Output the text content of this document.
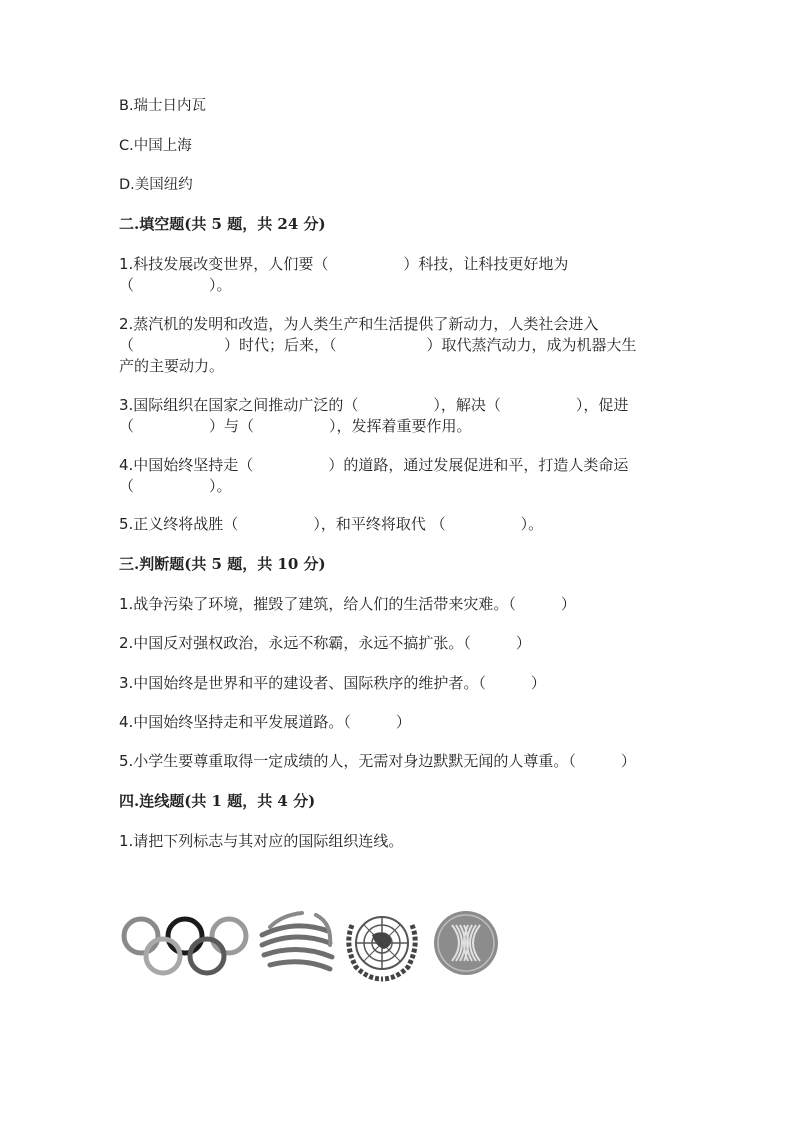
B.瑞士日内瓦
C.中国上海
D.美国纽约
二.填空题(共 5 题，共 24 分)
1.科技发展改变世界，人们要（　　　　　）科技，让科技更好地为
（　　　　　）。
2.蒸汽机的发明和改造，为人类生产和生活提供了新动力，人类社会进入
（　　　　　　）时代；后来，（　　　　　　）取代蒸汽动力，成为机器大生
产的主要动力。
3.国际组织在国家之间推动广泛的（　　　　　），解决（　　　　　），促进
（　　　　　）与（　　　　　），发挥着重要作用。
4.中国始终坚持走（　　　　　）的道路，通过发展促进和平，打造人类命运
（　　　　　）。
5.正义终将战胜（　　　　　），和平终将取代 （　　　　　）。
三.判断题(共 5 题，共 10 分)
1.战争污染了环境，摧毁了建筑，给人们的生活带来灾难。（　　　）
2.中国反对强权政治，永远不称霸，永远不搞扩张。（　　　）
3.中国始终是世界和平的建设者、国际秩序的维护者。（　　　）
4.中国始终坚持走和平发展道路。（　　　）
5.小学生要尊重取得一定成绩的人，无需对身边默默无闻的人尊重。（　　　）
四.连线题(共 1 题，共 4 分)
1.请把下列标志与其对应的国际组织连线。
